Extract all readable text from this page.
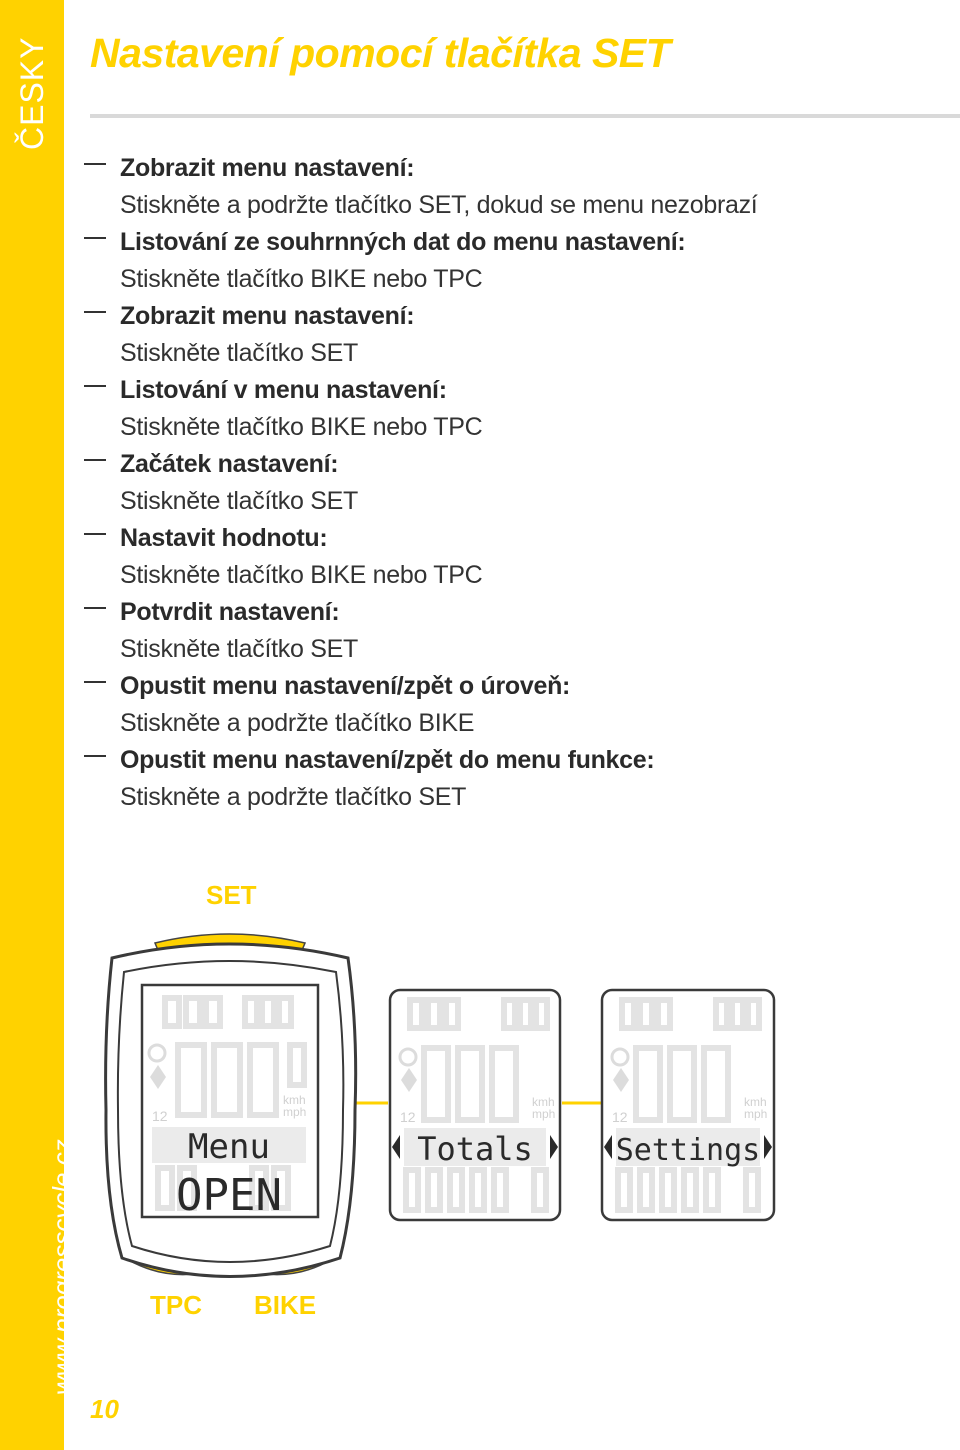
ČESKY
www.progresscycle.cz
Nastavení pomocí tlačítka SET
Zobrazit menu nastavení:
Stiskněte a podržte tlačítko SET, dokud se menu nezobrazí
Listování ze souhrnných dat do menu nastavení:
Stiskněte tlačítko BIKE nebo TPC
Zobrazit menu nastavení:
Stiskněte tlačítko SET
Listování v menu nastavení:
Stiskněte tlačítko BIKE nebo TPC
Začátek nastavení:
Stiskněte tlačítko SET
Nastavit hodnotu:
Stiskněte tlačítko BIKE nebo TPC
Potvrdit nastavení:
Stiskněte tlačítko SET
Opustit menu nastavení/zpět o úroveň:
Stiskněte a podržte tlačítko BIKE
Opustit menu nastavení/zpět do menu funkce:
Stiskněte a podržte tlačítko SET
SET
TPC BIKE
12
kmh
mph
Menu
OPEN
12
kmh
mph
Totals
12
kmh
mph
Settings
10
